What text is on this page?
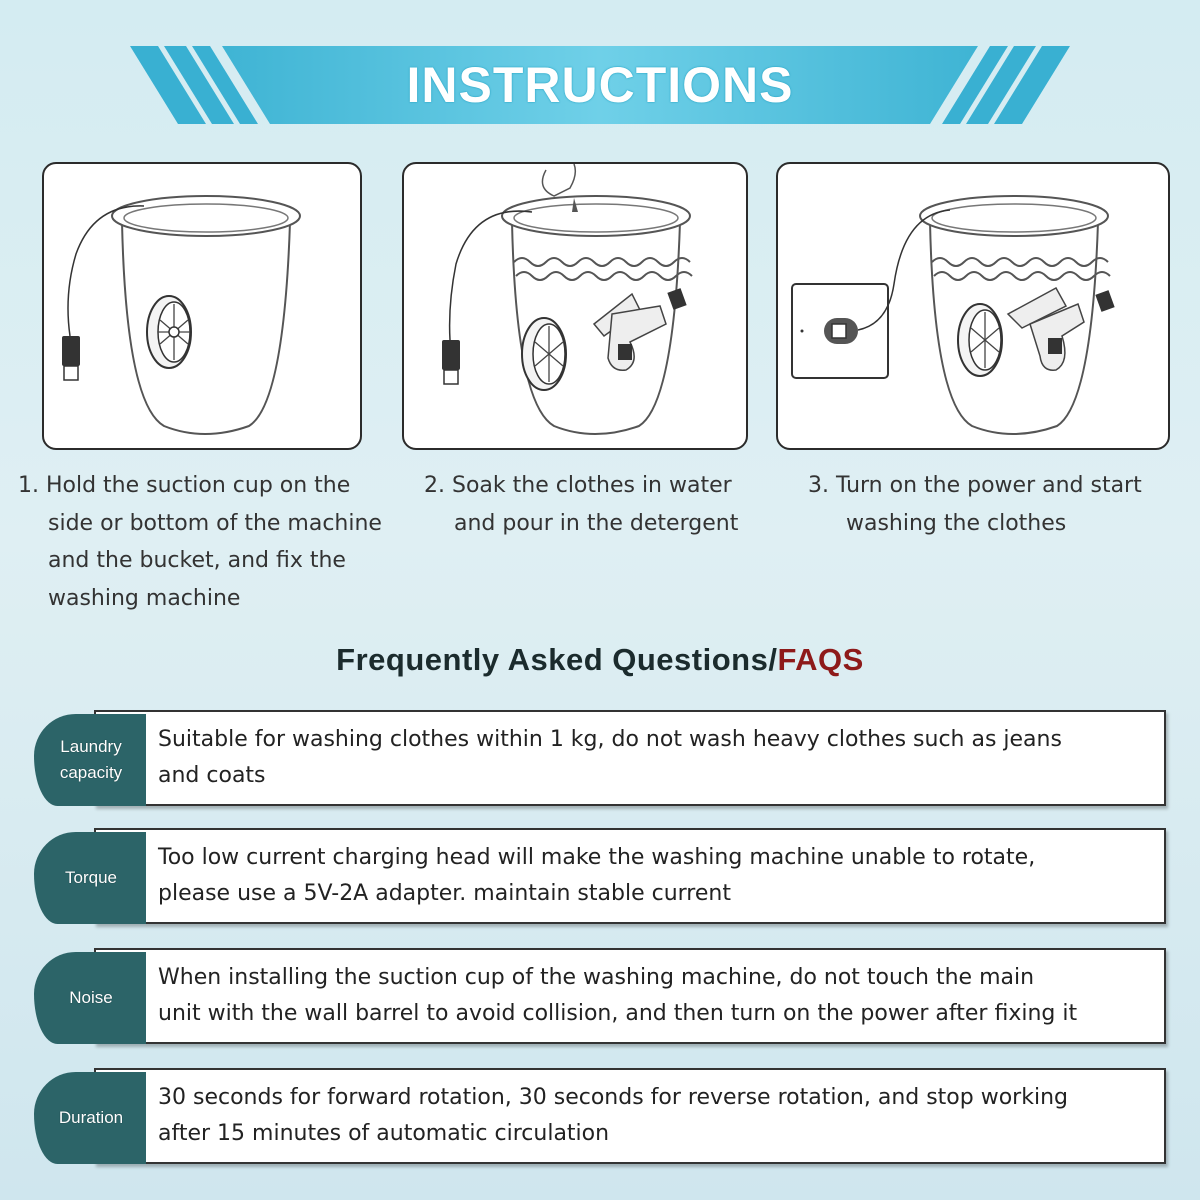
INSTRUCTIONS
1. Hold the suction cup on the
side or bottom of the machine
and the bucket, and fix the
washing machine
2. Soak the clothes in water
and pour in the detergent
3. Turn on the power and start
washing the clothes
Frequently Asked Questions/FAQS
Laundry
capacity
Suitable for washing clothes within 1 kg, do not wash heavy clothes such as jeans
and coats
Torque
Too low current charging head will make the washing machine unable to rotate,
please use a 5V-2A adapter. maintain stable current
Noise
When installing the suction cup of the washing machine, do not touch the main
unit with the wall barrel to avoid collision, and then turn on the power after fixing it
Duration
30 seconds for forward rotation, 30 seconds for reverse rotation, and stop working
after 15 minutes of automatic circulation
